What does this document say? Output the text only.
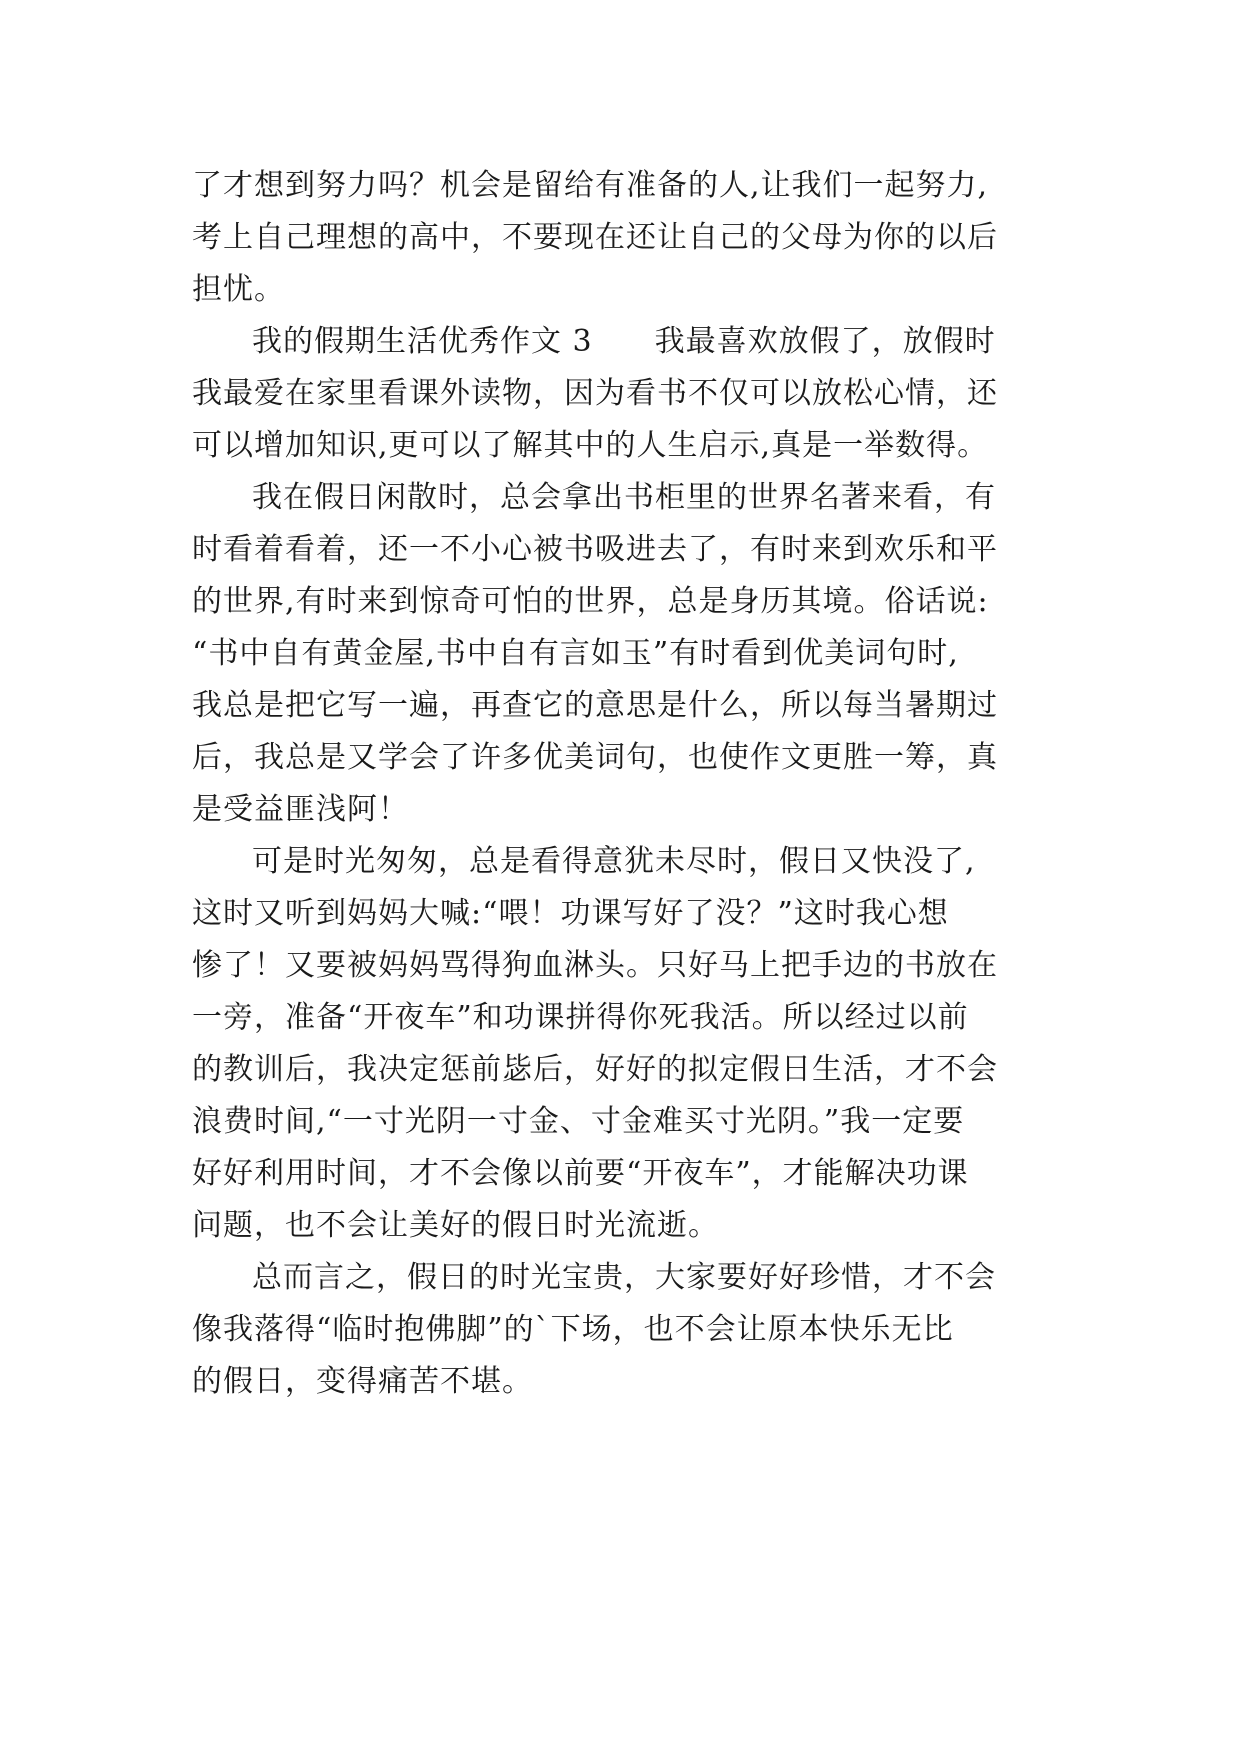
了才想到努力吗？机会是留给有准备的人,让我们一起努力,
考上自己理想的高中，不要现在还让自己的父母为你的以后
担忧。
我的假期生活优秀作文 3　　我最喜欢放假了，放假时
我最爱在家里看课外读物，因为看书不仅可以放松心情，还
可以增加知识,更可以了解其中的人生启示,真是一举数得。
我在假日闲散时，总会拿出书柜里的世界名著来看，有
时看着看着，还一不小心被书吸进去了，有时来到欢乐和平
的世界,有时来到惊奇可怕的世界，总是身历其境。俗话说:
“书中自有黄金屋,书中自有言如玉”有时看到优美词句时,
我总是把它写一遍，再查它的意思是什么，所以每当暑期过
后，我总是又学会了许多优美词句，也使作文更胜一筹，真
是受益匪浅阿！
可是时光匆匆，总是看得意犹未尽时，假日又快没了,
这时又听到妈妈大喊:“喂！功课写好了没？”这时我心想
惨了！又要被妈妈骂得狗血淋头。只好马上把手边的书放在
一旁，准备“开夜车”和功课拼得你死我活。所以经过以前
的教训后，我决定惩前毖后，好好的拟定假日生活，才不会
浪费时间,“一寸光阴一寸金、寸金难买寸光阴。”我一定要
好好利用时间，才不会像以前要“开夜车”，才能解决功课
问题，也不会让美好的假日时光流逝。
总而言之，假日的时光宝贵，大家要好好珍惜，才不会
像我落得“临时抱佛脚”的`下场，也不会让原本快乐无比
的假日，变得痛苦不堪。
